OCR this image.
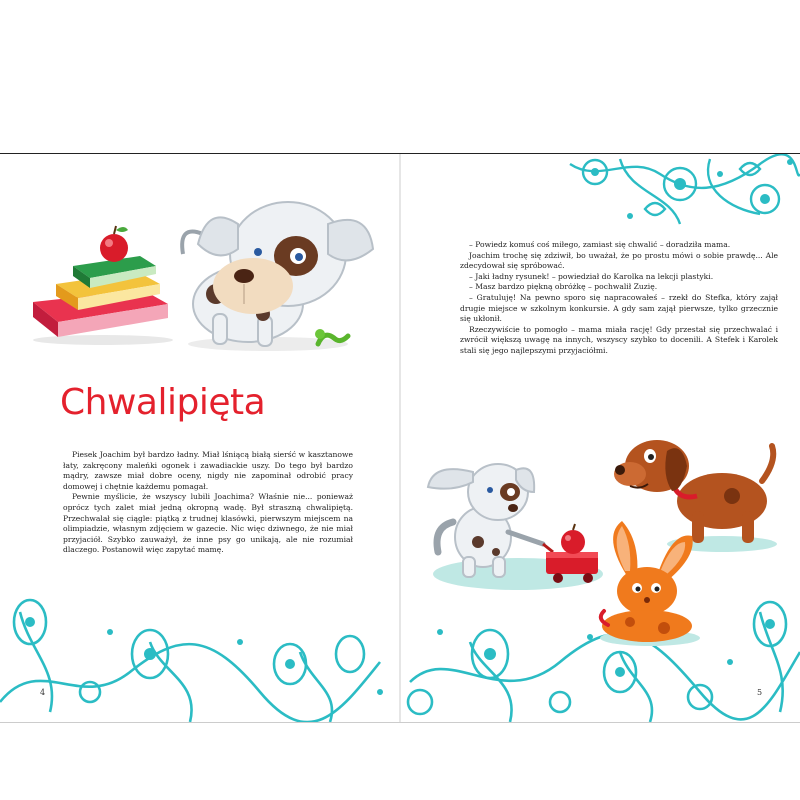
Chwalipięta

Piesek Joachim był bardzo ładny. Miał lśniącą białą sierść w kasztanowe łaty, zakręcony maleńki ogonek i zawadiackie uszy. Do tego był bardzo mądry, zawsze miał dobre oceny, nigdy nie zapominał odrobić pracy domowej i chętnie każdemu pomagał.

Pewnie myślicie, że wszyscy lubili Joachima? Właśnie nie... ponieważ oprócz tych zalet miał jedną okropną wadę. Był straszną chwalipiętą. Przechwalał się ciągle: piątką z trudnej klasówki, pierwszym miejscem na olimpiadzie, własnym zdjęciem w gazecie. Nic więc dziwnego, że nie miał przyjaciół. Szybko zauważył, że inne psy go unikają, ale nie rozumiał dlaczego. Postanowił więc zapytać mamę.

– Powiedz komuś coś miłego, zamiast się chwalić – doradziła mama.

Joachim trochę się zdziwił, bo uważał, że po prostu mówi o sobie prawdę... Ale zdecydował się spróbować.

– Jaki ładny rysunek! – powiedział do Karolka na lekcji plastyki.

– Masz bardzo piękną obróżkę – pochwalił Zuzię.

– Gratuluję! Na pewno sporo się napracowałeś – rzekł do Stefka, który zajął drugie miejsce w szkolnym konkursie. A gdy sam zajął pierwsze, tylko grzecznie się ukłonił.

Rzeczywiście to pomogło – mama miała rację! Gdy przestał się przechwalać i zwrócił większą uwagę na innych, wszyscy szybko to docenili. A Stefek i Karolek stali się jego najlepszymi przyjaciółmi.

4	5
